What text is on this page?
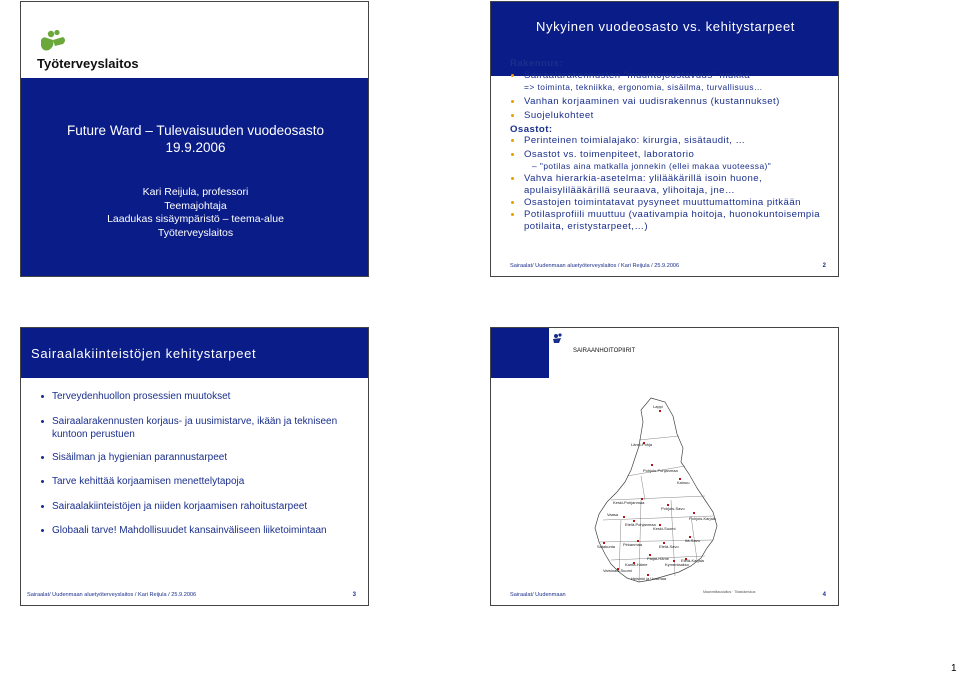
Työterveyslaitos
Future Ward – Tulevaisuuden vuodeosasto
19.9.2006
Kari Reijula, professori
Teemajohtaja
Laadukas sisäympäristö – teema-alue
Työterveyslaitos
Nykyinen vuodeosasto vs. kehitystarpeet
Rakennus:
Sairaalarakennusten "muuntojoustavuus" niukka
=> toiminta, tekniikka, ergonomia, sisäilma, turvallisuus…
Vanhan korjaaminen vai uudisrakennus (kustannukset)
Suojelukohteet
Osastot:
Perinteinen toimialajako: kirurgia, sisätaudit, …
Osastot vs. toimenpiteet, laboratorio
– "potilas aina matkalla jonnekin (ellei makaa vuoteessa)"
Vahva hierarkia-asetelma: ylilääkärillä isoin huone, apulaisylilääkärillä seuraava, ylihoitaja, jne…
Osastojen toimintatavat pysyneet muuttumattomina pitkään
Potilasprofiili muuttuu (vaativampia hoitoja, huonokuntoisempia potilaita, eristystarpeet,…)
Sairaalat/ Uudenmaan aluetyöterveyslaitos / Kari Reijula / 25.9.2006	2
Sairaalakiinteistöjen kehitystarpeet
Terveydenhuollon prosessien muutokset
Sairaalarakennusten korjaus- ja uusimistarve, ikään ja tekniseen kuntoon perustuen
Sisäilman ja hygienian parannustarpeet
Tarve kehittää korjaamisen menettelytapoja
Sairaalakiinteistöjen ja niiden korjaamisen rahoitustarpeet
Globaali tarve! Mahdollisuudet kansainväliseen liiketoimintaan
Sairaalat/ Uudenmaan aluetyöterveyslaitos / Kari Reijula / 25.9.2006	3
SAIRAANHOITOPIIRIT
Lappi
Länsi-Pohja
Pohjois-Pohjanmaa
Kainuu
Keski-Pohjanmaa
Pohjois-Savo
Pohjois-Karjala
Vaasa
Etelä-Pohjanmaa
Keski-Suomi
Satakunta Pirkanmaa	Etelä-Savo
Itä-Savo
Päijät-Häme
Kanta-Häme	Kymenlaakso
Etelä-Karjala
Varsinais-Suomi
Helsinki ja Uusimaa
Maanmittauslaitos · Tilastokeskus
Sairaalat/ Uudenmaan	4
1
